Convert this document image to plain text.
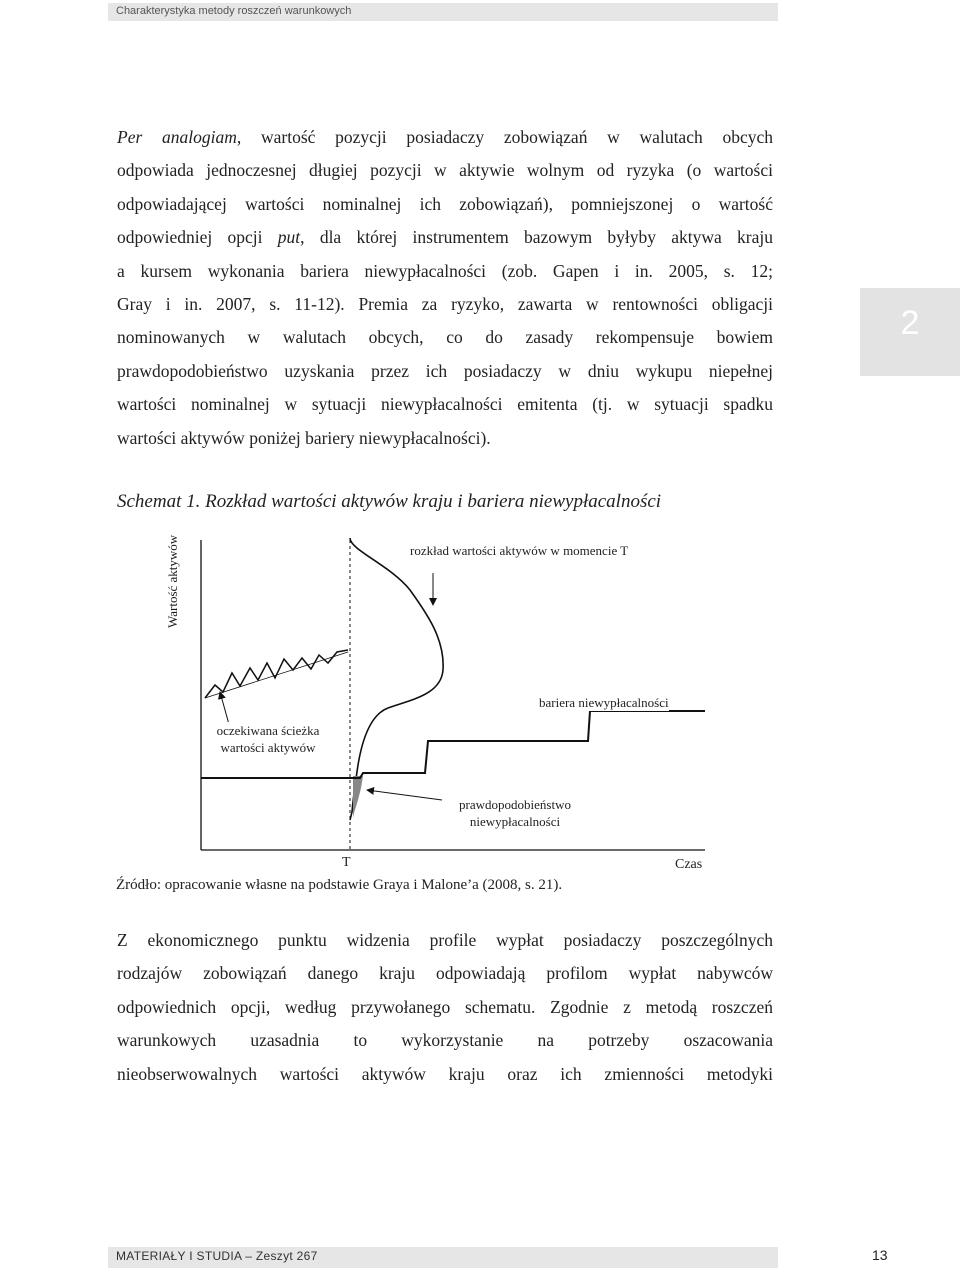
Charakterystyka metody roszczeń warunkowych
2
Per analogiam, wartość pozycji posiadaczy zobowiązań w walutach obcych
odpowiada jednoczesnej długiej pozycji w aktywie wolnym od ryzyka (o wartości
odpowiadającej wartości nominalnej ich zobowiązań), pomniejszonej o wartość
odpowiedniej opcji put, dla której instrumentem bazowym byłyby aktywa kraju
a kursem wykonania bariera niewypłacalności (zob. Gapen i in. 2005, s. 12;
Gray i in. 2007, s. 11-12). Premia za ryzyko, zawarta w rentowności obligacji
nominowanych w walutach obcych, co do zasady rekompensuje bowiem
prawdopodobieństwo uzyskania przez ich posiadaczy w dniu wykupu niepełnej
wartości nominalnej w sytuacji niewypłacalności emitenta (tj. w sytuacji spadku
wartości aktywów poniżej bariery niewypłacalności).
Schemat 1. Rozkład wartości aktywów kraju i bariera niewypłacalności
Wartość aktywów	rozkład wartości aktywów w momencie T
oczekiwana ścieżka
wartości aktywów
bariera niewypłacalności
prawdopodobieństwo
niewypłacalności
T	Czas
Źródło: opracowanie własne na podstawie Graya i Malone’a (2008, s. 21).
Z ekonomicznego punktu widzenia profile wypłat posiadaczy poszczególnych
rodzajów zobowiązań danego kraju odpowiadają profilom wypłat nabywców
odpowiednich opcji, według przywołanego schematu. Zgodnie z metodą roszczeń
warunkowych uzasadnia to wykorzystanie na potrzeby oszacowania
nieobserwowalnych wartości aktywów kraju oraz ich zmienności metodyki
MATERIAŁY I STUDIA – Zeszyt 267	13
